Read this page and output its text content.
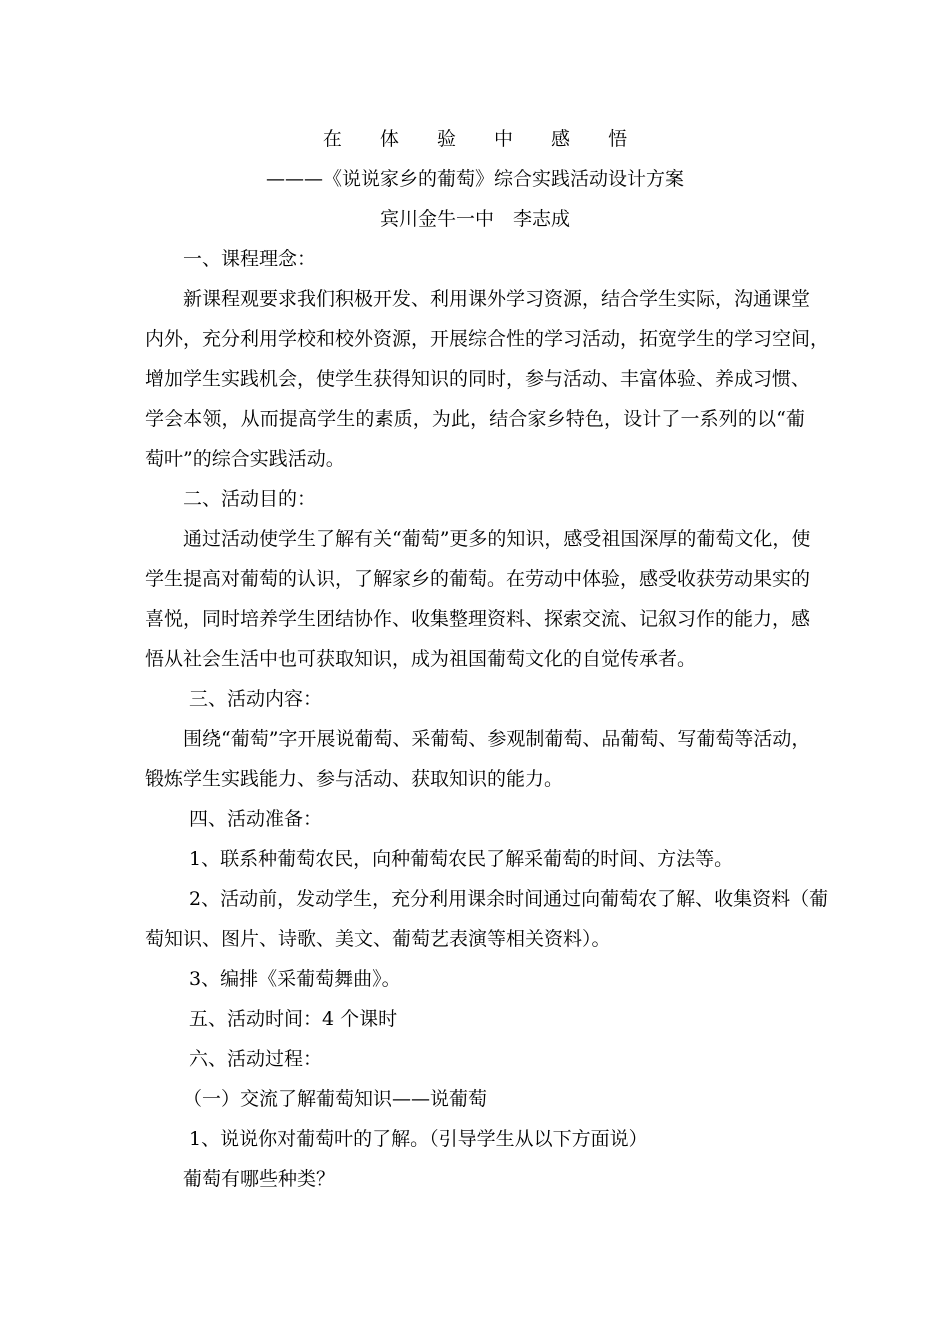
在 体 验 中 感 悟
———《说说家乡的葡萄》综合实践活动设计方案
宾川金牛一中　李志成
一、课程理念：
新课程观要求我们积极开发、利用课外学习资源，结合学生实际，沟通课堂
内外，充分利用学校和校外资源，开展综合性的学习活动，拓宽学生的学习空间，
增加学生实践机会，使学生获得知识的同时，参与活动、丰富体验、养成习惯、
学会本领，从而提高学生的素质，为此，结合家乡特色，设计了一系列的以“葡
萄叶”的综合实践活动。
二、活动目的：
通过活动使学生了解有关“葡萄”更多的知识，感受祖国深厚的葡萄文化，使
学生提高对葡萄的认识，了解家乡的葡萄。在劳动中体验，感受收获劳动果实的
喜悦，同时培养学生团结协作、收集整理资料、探索交流、记叙习作的能力，感
悟从社会生活中也可获取知识，成为祖国葡萄文化的自觉传承者。
三、活动内容：
围绕“葡萄”字开展说葡萄、采葡萄、参观制葡萄、品葡萄、写葡萄等活动，
锻炼学生实践能力、参与活动、获取知识的能力。
四、活动准备：
1、联系种葡萄农民，向种葡萄农民了解采葡萄的时间、方法等。
2、活动前，发动学生，充分利用课余时间通过向葡萄农了解、收集资料（葡
萄知识、图片、诗歌、美文、葡萄艺表演等相关资料）。
3、编排《采葡萄舞曲》。
五、活动时间：4 个课时
六、活动过程：
（一）交流了解葡萄知识——说葡萄
1、说说你对葡萄叶的了解。（引导学生从以下方面说）
葡萄有哪些种类？
